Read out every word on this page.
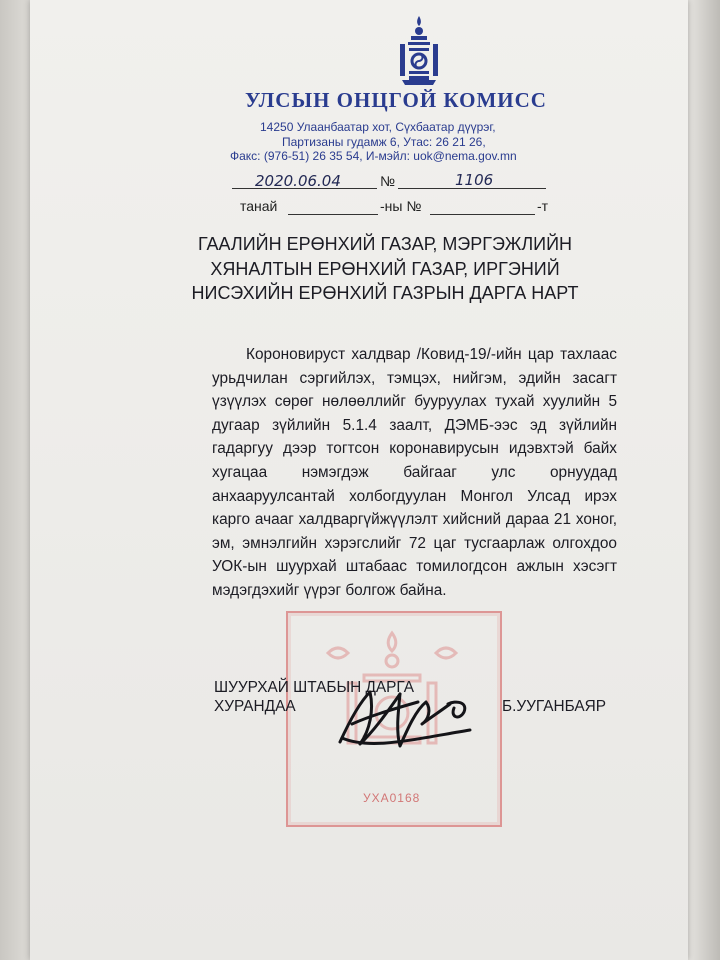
УЛСЫН ОНЦГОЙ КОМИСС
14250 Улаанбаатар хот, Сүхбаатар дүүрэг,
Партизаны гудамж 6, Утас: 26 21 26,
Факс: (976-51) 26 35 54, И-мэйл: uok@nema.gov.mn
2020.06.04	№	1106
танай	-ны №	-т
ГААЛИЙН ЕРӨНХИЙ ГАЗАР, МЭРГЭЖЛИЙН
ХЯНАЛТЫН ЕРӨНХИЙ ГАЗАР, ИРГЭНИЙ
НИСЭХИЙН ЕРӨНХИЙ ГАЗРЫН ДАРГА НАРТ
Короновируст халдвар /Ковид-19/-ийн цар тахлаас урьдчилан сэргийлэх, тэмцэх, нийгэм, эдийн засагт үзүүлэх сөрөг нөлөөллийг бууруулах тухай хуулийн 5 дугаар зүйлийн 5.1.4 заалт, ДЭМБ-ээс эд зүйлийн гадаргуу дээр тогтсон коронавирусын идэвхтэй байх хугацаа нэмэгдэж байгааг улс орнуудад анхааруулсантай холбогдуулан Монгол Улсад ирэх карго ачааг халдваргүйжүүлэлт хийсний дараа 21 хоног, эм, эмнэлгийн хэрэгслийг 72 цаг тусгаарлаж олгохдоо УОК-ын шуурхай штабаас томилогдсон ажлын хэсэгт мэдэгдэхийг үүрэг болгож байна.
УХА0168
ШУУРХАЙ ШТАБЫН ДАРГА
ХУРАНДАА	Б.УУГАНБАЯР
